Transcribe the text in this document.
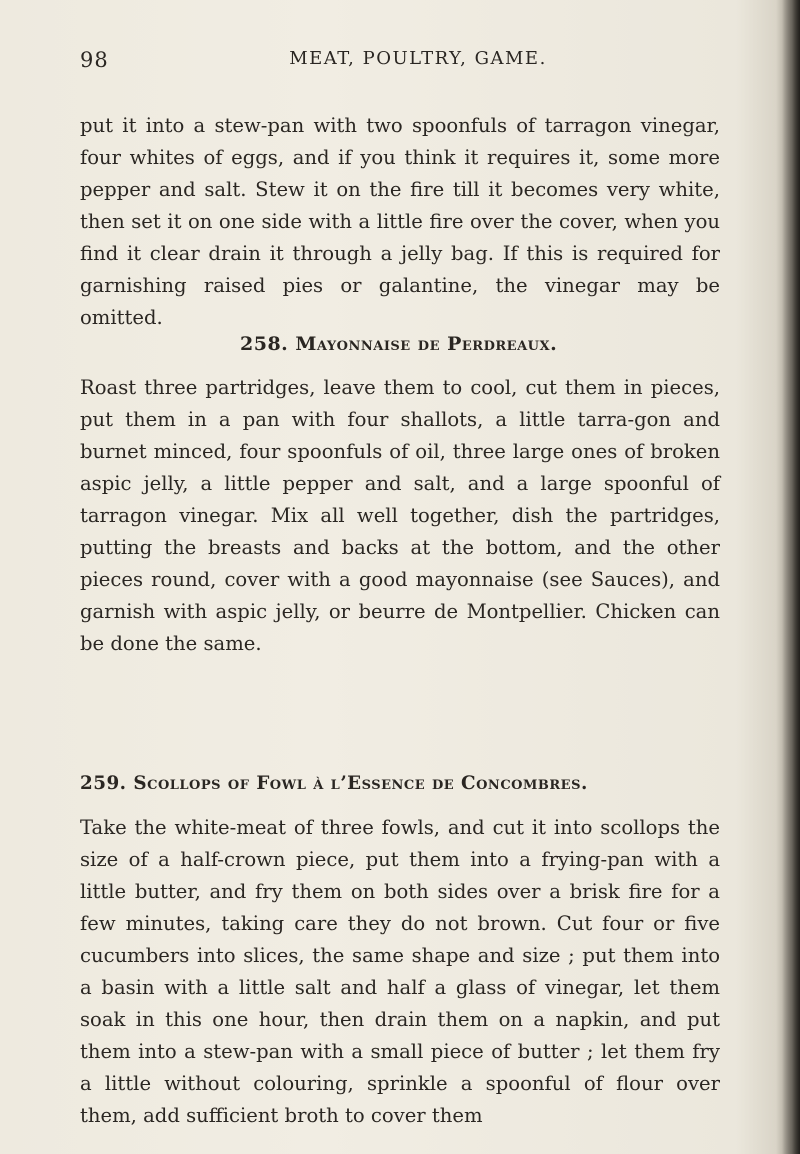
98	MEAT, POULTRY, GAME.

put it into a stew-pan with two spoonfuls of tarragon vinegar, four whites of eggs, and if you think it requires it, some more pepper and salt. Stew it on the fire till it becomes very white, then set it on one side with a little fire over the cover, when you find it clear drain it through a jelly bag. If this is required for garnishing raised pies or galantine, the vinegar may be omitted.

258. Mayonnaise de Perdreaux.

Roast three partridges, leave them to cool, cut them in pieces, put them in a pan with four shallots, a little tarra-gon and burnet minced, four spoonfuls of oil, three large ones of broken aspic jelly, a little pepper and salt, and a large spoonful of tarragon vinegar. Mix all well together, dish the partridges, putting the breasts and backs at the bottom, and the other pieces round, cover with a good mayonnaise (see Sauces), and garnish with aspic jelly, or beurre de Montpellier. Chicken can be done the same.

259. Scollops of Fowl à l’Essence de Concombres.

Take the white-meat of three fowls, and cut it into scollops the size of a half-crown piece, put them into a frying-pan with a little butter, and fry them on both sides over a brisk fire for a few minutes, taking care they do not brown. Cut four or five cucumbers into slices, the same shape and size ; put them into a basin with a little salt and half a glass of vinegar, let them soak in this one hour, then drain them on a napkin, and put them into a stew-pan with a small piece of butter ; let them fry a little without colouring, sprinkle a spoonful of flour over them, add sufficient broth to cover them
